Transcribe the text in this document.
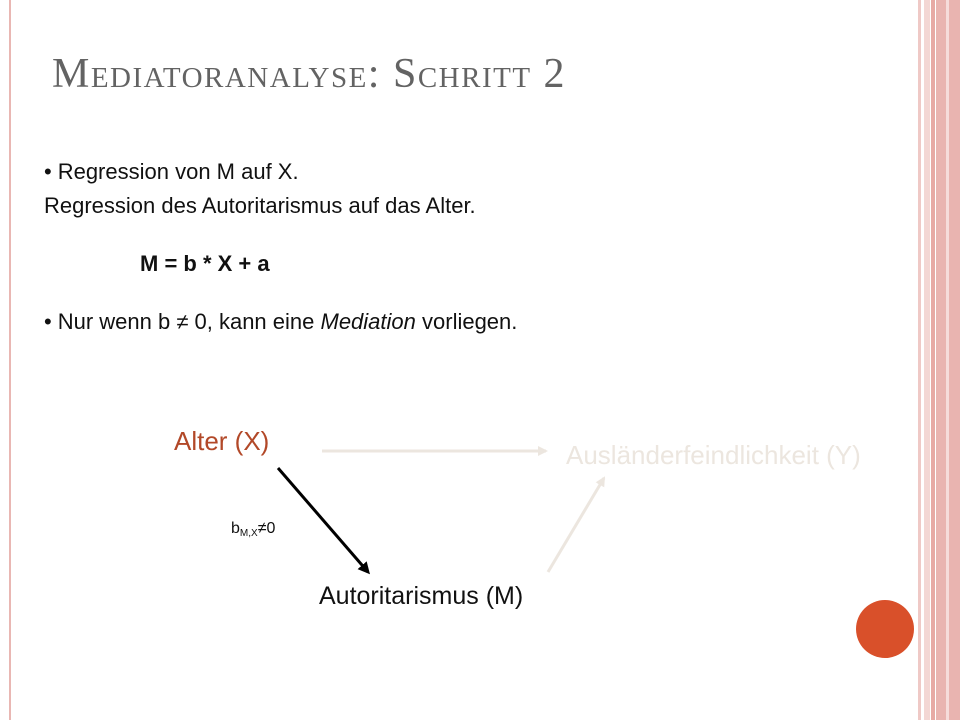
Mediatoranalyse: Schritt 2
• Regression von M auf X.
Regression des Autoritarismus auf das Alter.
M = b * X + a
• Nur wenn b ≠ 0, kann eine Mediation vorliegen.
Alter (X)	Ausländerfeindlichkeit (Y)
Autoritarismus (M)
$b_{M,X}\ne 0$
